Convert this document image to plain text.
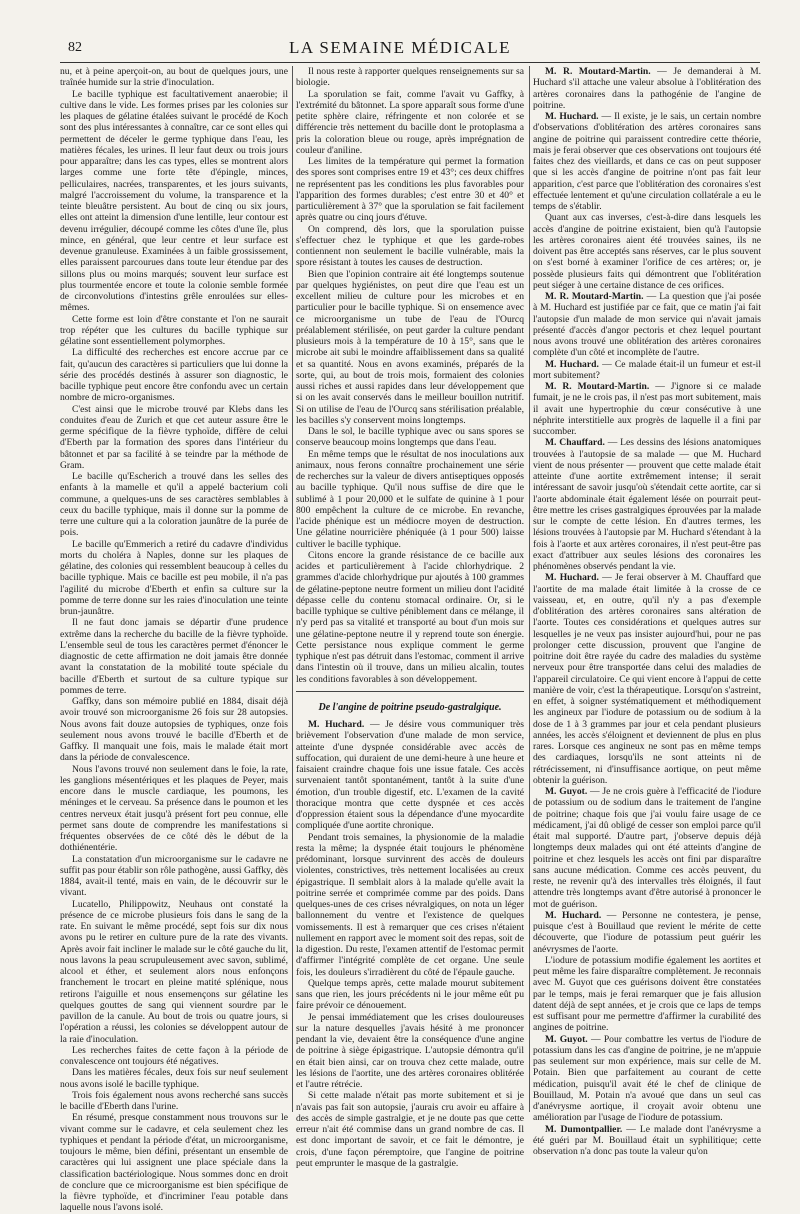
82	LA SEMAINE MÉDICALE

nu, et à peine aperçoit-on, au bout de quelques jours, une traînée humide sur la strie d'inoculation.

Le bacille typhique est facultativement anaerobie; il cultive dans le vide. Les formes prises par les colonies sur les plaques de gélatine étalées suivant le procédé de Koch sont des plus intéressantes à connaître, car ce sont elles qui permettent de déceler le germe typhique dans l'eau, les matières fécales, les urines. Il leur faut deux ou trois jours pour apparaître; dans les cas types, elles se montrent alors larges comme une forte tête d'épingle, minces, pelliculaires, nacrées, transparentes, et les jours suivants, malgré l'accroissement du volume, la transparence et la teinte bleuâtre persistent. Au bout de cinq ou six jours, elles ont atteint la dimension d'une lentille, leur contour est devenu irrégulier, découpé comme les côtes d'une île, plus mince, en général, que leur centre et leur surface est devenue granuleuse. Examinées à un faible grossissement, elles paraissent parcourues dans toute leur étendue par des sillons plus ou moins marqués; souvent leur surface est plus tourmentée encore et toute la colonie semble formée de circonvolutions d'intestins grêle enroulées sur elles-mêmes.

Cette forme est loin d'être constante et l'on ne saurait trop répéter que les cultures du bacille typhique sur gélatine sont essentiellement polymorphes.

La difficulté des recherches est encore accrue par ce fait, qu'aucun des caractères si particuliers que lui donne la série des procédés destinés à assurer son diagnostic, le bacille typhique peut encore être confondu avec un certain nombre de micro-organismes.

C'est ainsi que le microbe trouvé par Klebs dans les conduites d'eau de Zurich et que cet auteur assure être le germe spécifique de la fièvre typhoïde, diffère de celui d'Eberth par la formation des spores dans l'intérieur du bâtonnet et par sa facilité à se teindre par la méthode de Gram.

Le bacille qu'Escherich a trouvé dans les selles des enfants à la mamelle et qu'il a appelé bacterium coli commune, a quelques-uns de ses caractères semblables à ceux du bacille typhique, mais il donne sur la pomme de terre une culture qui a la coloration jaunâtre de la purée de pois.

Le bacille qu'Emmerich a retiré du cadavre d'individus morts du choléra à Naples, donne sur les plaques de gélatine, des colonies qui ressemblent beaucoup à celles du bacille typhique. Mais ce bacille est peu mobile, il n'a pas l'agilité du microbe d'Eberth et enfin sa culture sur la pomme de terre donne sur les raies d'inoculation une teinte brun-jaunâtre.

Il ne faut donc jamais se départir d'une prudence extrême dans la recherche du bacille de la fièvre typhoïde. L'ensemble seul de tous les caractères permet d'énoncer le diagnostic de cette affirmation ne doit jamais être donnée avant la constatation de la mobilité toute spéciale du bacille d'Eberth et surtout de sa culture typique sur pommes de terre.

Gaffky, dans son mémoire publié en 1884, disait déjà avoir trouvé son microorganisme 26 fois sur 28 autopsies. Nous avons fait douze autopsies de typhiques, onze fois seulement nous avons trouvé le bacille d'Eberth et de Gaffky. Il manquait une fois, mais le malade était mort dans la période de convalescence.

Nous l'avons trouvé non seulement dans le foie, la rate, les ganglions mésentériques et les plaques de Peyer, mais encore dans le muscle cardiaque, les poumons, les méninges et le cerveau. Sa présence dans le poumon et les centres nerveux était jusqu'à présent fort peu connue, elle permet sans doute de comprendre les manifestations si fréquentes observées de ce côté dès le début de la dothiénentérie.

La constatation d'un microorganisme sur le cadavre ne suffit pas pour établir son rôle pathogène, aussi Gaffky, dès 1884, avait-il tenté, mais en vain, de le découvrir sur le vivant.

Lucatello, Philippowitz, Neuhaus ont constaté la présence de ce microbe plusieurs fois dans le sang de la rate. En suivant le même procédé, sept fois sur dix nous avons pu le retirer en culture pure de la rate des vivants. Après avoir fait incliner le malade sur le côté gauche du lit, nous lavons la peau scrupuleusement avec savon, sublimé, alcool et éther, et seulement alors nous enfonçons franchement le trocart en pleine matité splénique, nous retirons l'aiguille et nous ensemençons sur gélatine les quelques gouttes de sang qui viennent sourdre par le pavillon de la canule. Au bout de trois ou quatre jours, si l'opération a réussi, les colonies se développent autour de la raie d'inoculation.

Les recherches faites de cette façon à la période de convalescence ont toujours été négatives.

Dans les matières fécales, deux fois sur neuf seulement nous avons isolé le bacille typhique.

Trois fois également nous avons recherché sans succès le bacille d'Eberth dans l'urine.

En résumé, presque constamment nous trouvons sur le vivant comme sur le cadavre, et cela seulement chez les typhiques et pendant la période d'état, un microorganisme, toujours le même, bien défini, présentant un ensemble de caractères qui lui assignent une place spéciale dans la classification bactériologique. Nous sommes donc en droit de conclure que ce microorganisme est bien spécifique de la fièvre typhoïde, et d'incriminer l'eau potable dans laquelle nous l'avons isolé.

Il nous reste à rapporter quelques renseignements sur sa biologie.

La sporulation se fait, comme l'avait vu Gaffky, à l'extrémité du bâtonnet. La spore apparaît sous forme d'une petite sphère claire, réfringente et non colorée et se différencie très nettement du bacille dont le protoplasma a pris la coloration bleue ou rouge, après imprégnation de couleur d'aniline.

Les limites de la température qui permet la formation des spores sont comprises entre 19 et 43°; ces deux chiffres ne représentent pas les conditions les plus favorables pour l'apparition des formes durables; c'est entre 30 et 40° et particulièrement à 37° que la sporulation se fait facilement après quatre ou cinq jours d'étuve.

On comprend, dès lors, que la sporulation puisse s'effectuer chez le typhique et que les garde-robes contiennent non seulement le bacille vulnérable, mais la spore résistant à toutes les causes de destruction.

Bien que l'opinion contraire ait été longtemps soutenue par quelques hygiénistes, on peut dire que l'eau est un excellent milieu de culture pour les microbes et en particulier pour le bacille typhique. Si on ensemence avec ce microorganisme un tube de l'eau de l'Ourcq préalablement stérilisée, on peut garder la culture pendant plusieurs mois à la température de 10 à 15°, sans que le microbe ait subi le moindre affaiblissement dans sa qualité et sa quantité. Nous en avons examinés, préparés de la sorte, qui, au bout de trois mois, formaient des colonies aussi riches et aussi rapides dans leur développement que si on les avait conservés dans le meilleur bouillon nutritif. Si on utilise de l'eau de l'Ourcq sans stérilisation préalable, les bacilles s'y conservent moins longtemps.

Dans le sol, le bacille typhique avec ou sans spores se conserve beaucoup moins longtemps que dans l'eau.

En même temps que le résultat de nos inoculations aux animaux, nous ferons connaître prochainement une série de recherches sur la valeur de divers antiseptiques opposés au bacille typhique. Qu'il nous suffise de dire que le sublimé à 1 pour 20,000 et le sulfate de quinine à 1 pour 800 empêchent la culture de ce microbe. En revanche, l'acide phénique est un médiocre moyen de destruction. Une gélatine nourricière phéniquée (à 1 pour 500) laisse cultiver le bacille typhique.

Citons encore la grande résistance de ce bacille aux acides et particulièrement à l'acide chlorhydrique. 2 grammes d'acide chlorhydrique pur ajoutés à 100 grammes de gélatine-peptone neutre forment un milieu dont l'acidité dépasse celle du contenu stomacal ordinaire. Or, si le bacille typhique se cultive péniblement dans ce mélange, il n'y perd pas sa vitalité et transporté au bout d'un mois sur une gélatine-peptone neutre il y reprend toute son énergie. Cette persistance nous explique comment le germe typhique n'est pas détruit dans l'estomac, comment il arrive dans l'intestin où il trouve, dans un milieu alcalin, toutes les conditions favorables à son développement.

De l'angine de poitrine pseudo-gastralgique.

M. Huchard. — Je désire vous communiquer très brièvement l'observation d'une malade de mon service, atteinte d'une dyspnée considérable avec accès de suffocation, qui duraient de une demi-heure à une heure et faisaient craindre chaque fois une issue fatale. Ces accès survenaient tantôt spontanément, tantôt à la suite d'une émotion, d'un trouble digestif, etc. L'examen de la cavité thoracique montra que cette dyspnée et ces accès d'oppression étaient sous la dépendance d'une myocardite compliquée d'une aortite chronique.

Pendant trois semaines, la physionomie de la maladie resta la même; la dyspnée était toujours le phénomène prédominant, lorsque survinrent des accès de douleurs violentes, constrictives, très nettement localisées au creux épigastrique. Il semblait alors à la malade qu'elle avait la poitrine serrée et comprimée comme par des poids. Dans quelques-unes de ces crises névralgiques, on nota un léger ballonnement du ventre et l'existence de quelques vomissements. Il est à remarquer que ces crises n'étaient nullement en rapport avec le moment soit des repas, soit de la digestion. Du reste, l'examen attentif de l'estomac permit d'affirmer l'intégrité complète de cet organe. Une seule fois, les douleurs s'irradièrent du côté de l'épaule gauche.

Quelque temps après, cette malade mourut subitement sans que rien, les jours précédents ni le jour même eût pu faire prévoir ce dénouement.

Je pensai immédiatement que les crises douloureuses sur la nature desquelles j'avais hésité à me prononcer pendant la vie, devaient être la conséquence d'une angine de poitrine à siège épigastrique. L'autopsie démontra qu'il en était bien ainsi, car on trouva chez cette malade, outre les lésions de l'aortite, une des artères coronaires oblitérée et l'autre rétrécie.

Si cette malade n'était pas morte subitement et si je n'avais pas fait son autopsie, j'aurais cru avoir eu affaire à des accès de simple gastralgie, et je ne doute pas que cette erreur n'ait été commise dans un grand nombre de cas. Il est donc important de savoir, et ce fait le démontre, je crois, d'une façon péremptoire, que l'angine de poitrine peut emprunter le masque de la gastralgie.

M. R. Moutard-Martin. — Je demanderai à M. Huchard s'il attache une valeur absolue à l'oblitération des artères coronaires dans la pathogénie de l'angine de poitrine.

M. Huchard. — Il existe, je le sais, un certain nombre d'observations d'oblitération des artères coronaires sans angine de poitrine qui paraissent contredire cette théorie, mais je ferai observer que ces observations ont toujours été faites chez des vieillards, et dans ce cas on peut supposer que si les accès d'angine de poitrine n'ont pas fait leur apparition, c'est parce que l'oblitération des coronaires s'est effectuée lentement et qu'une circulation collatérale a eu le temps de s'établir.

Quant aux cas inverses, c'est-à-dire dans lesquels les accès d'angine de poitrine existaient, bien qu'à l'autopsie les artères coronaires aient été trouvées saines, ils ne doivent pas être acceptés sans réserves, car le plus souvent on s'est borné à examiner l'orifice de ces artères; or, je possède plusieurs faits qui démontrent que l'oblitération peut siéger à une certaine distance de ces orifices.

M. R. Moutard-Martin. — La question que j'ai posée à M. Huchard est justifiée par ce fait, que ce matin j'ai fait l'autopsie d'un malade de mon service qui n'avait jamais présenté d'accès d'angor pectoris et chez lequel pourtant nous avons trouvé une oblitération des artères coronaires complète d'un côté et incomplète de l'autre.

M. Huchard. — Ce malade était-il un fumeur et est-il mort subitement?

M. R. Moutard-Martin. — J'ignore si ce malade fumait, je ne le crois pas, il n'est pas mort subitement, mais il avait une hypertrophie du cœur consécutive à une néphrite interstitielle aux progrès de laquelle il a fini par succomber.

M. Chauffard. — Les dessins des lésions anatomiques trouvées à l'autopsie de sa malade — que M. Huchard vient de nous présenter — prouvent que cette malade était atteinte d'une aortite extrêmement intense; il serait intéressant de savoir jusqu'où s'étendait cette aortite, car si l'aorte abdominale était également lésée on pourrait peut-être mettre les crises gastralgiques éprouvées par la malade sur le compte de cette lésion. En d'autres termes, les lésions trouvées à l'autopsie par M. Huchard s'étendant à la fois à l'aorte et aux artères coronaires, il n'est peut-être pas exact d'attribuer aux seules lésions des coronaires les phénomènes observés pendant la vie.

M. Huchard. — Je ferai observer à M. Chauffard que l'aortite de ma malade était limitée à la crosse de ce vaisseau, et, en outre, qu'il n'y a pas d'exemple d'oblitération des artères coronaires sans altération de l'aorte. Toutes ces considérations et quelques autres sur lesquelles je ne veux pas insister aujourd'hui, pour ne pas prolonger cette discussion, prouvent que l'angine de poitrine doit être rayée du cadre des maladies du système nerveux pour être transportée dans celui des maladies de l'appareil circulatoire. Ce qui vient encore à l'appui de cette manière de voir, c'est la thérapeutique. Lorsqu'on s'astreint, en effet, à soigner systématiquement et méthodiquement les angineux par l'iodure de potassium ou de sodium à la dose de 1 à 3 grammes par jour et cela pendant plusieurs années, les accès s'éloignent et deviennent de plus en plus rares. Lorsque ces angineux ne sont pas en même temps des cardiaques, lorsqu'ils ne sont atteints ni de rétrécissement, ni d'insuffisance aortique, on peut même obtenir la guérison.

M. Guyot. — Je ne crois guère à l'efficacité de l'iodure de potassium ou de sodium dans le traitement de l'angine de poitrine; chaque fois que j'ai voulu faire usage de ce médicament, j'ai dû obligé de cesser son emploi parce qu'il était mal supporté. D'autre part, j'observe depuis déjà longtemps deux malades qui ont été atteints d'angine de poitrine et chez lesquels les accès ont fini par disparaître sans aucune médication. Comme ces accès peuvent, du reste, ne revenir qu'à des intervalles très éloignés, il faut attendre très longtemps avant d'être autorisé à prononcer le mot de guérison.

M. Huchard. — Personne ne contestera, je pense, puisque c'est à Bouillaud que revient le mérite de cette découverte, que l'iodure de potassium peut guérir les anévrysmes de l'aorte.

L'iodure de potassium modifie également les aortites et peut même les faire disparaître complètement. Je reconnais avec M. Guyot que ces guérisons doivent être constatées par le temps, mais je ferai remarquer que je fais allusion datent déjà de sept années, et je crois que ce laps de temps est suffisant pour me permettre d'affirmer la curabilité des angines de poitrine.

M. Guyot. — Pour combattre les vertus de l'iodure de potassium dans les cas d'angine de poitrine, je ne m'appuie pas seulement sur mon expérience, mais sur celle de M. Potain. Bien que parfaitement au courant de cette médication, puisqu'il avait été le chef de clinique de Bouillaud, M. Potain n'a avoué que dans un seul cas d'anévrysme aortique, il croyait avoir obtenu une amélioration par l'usage de l'iodure de potassium.

M. Dumontpallier. — Le malade dont l'anévrysme a été guéri par M. Bouillaud était un syphilitique; cette observation n'a donc pas toute la valeur qu'on
